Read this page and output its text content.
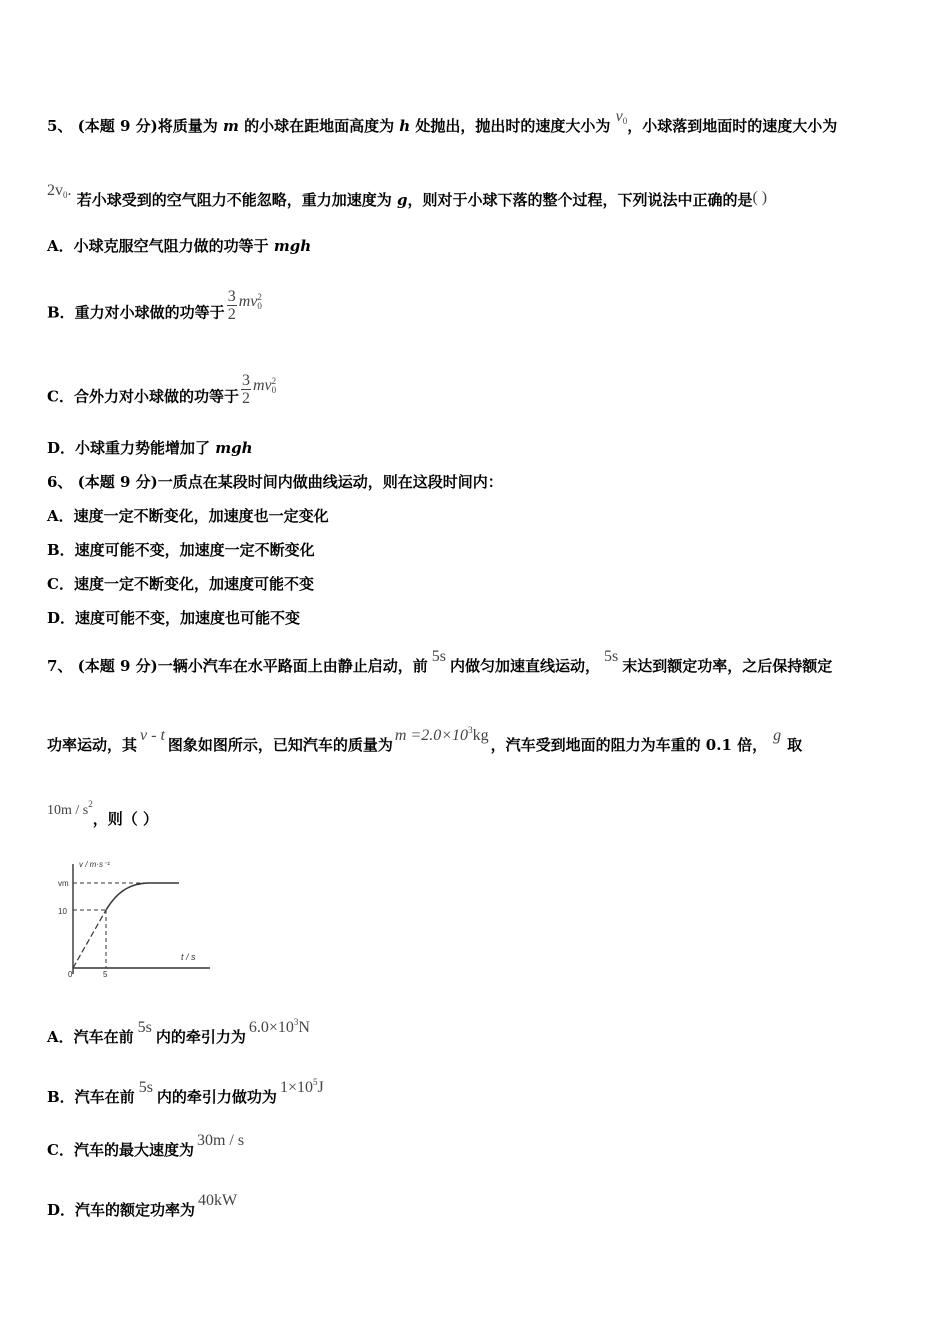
5、 (本题 9 分)将质量为 m 的小球在距地面高度为 h 处抛出，抛出时的速度大小为 $v_0$，小球落到地面时的速度大小为
$2v_0$. 若小球受到的空气阻力不能忽略，重力加速度为 g，则对于小球下落的整个过程，下列说法中正确的是( )
A．小球克服空气阻力做的功等于 mgh
B．重力对小球做的功等于 $\frac{3}{2}$ mv 2
0
C．合外力对小球做的功等于 $\frac{3}{2}$ mv 2
0
D．小球重力势能增加了 mgh
6、 (本题 9 分)一质点在某段时间内做曲线运动，则在这段时间内：
A．速度一定不断变化，加速度也一定变化
B．速度可能不变，加速度一定不断变化
C．速度一定不断变化，加速度可能不变
D．速度可能不变，加速度也可能不变
7、 (本题 9 分)一辆小汽车在水平路面上由静止启动，前5s内做匀加速直线运动，5s末达到额定功率，之后保持额定
功率运动，其v - t图象如图所示，已知汽车的质量为$m =2.0\times 10^3kg$，汽车受到地面的阻力为车重的 0.1 倍，g取
$10m / s^2$，则（ ）
v / m·s⁻¹
t / s
vm
10
0	5
A．汽车在前5s内的牵引力为$6.0\times 10^3N$
B．汽车在前5s内的牵引力做功为$1\times 10^5J$
C．汽车的最大速度为30m / s
D．汽车的额定功率为40kW
